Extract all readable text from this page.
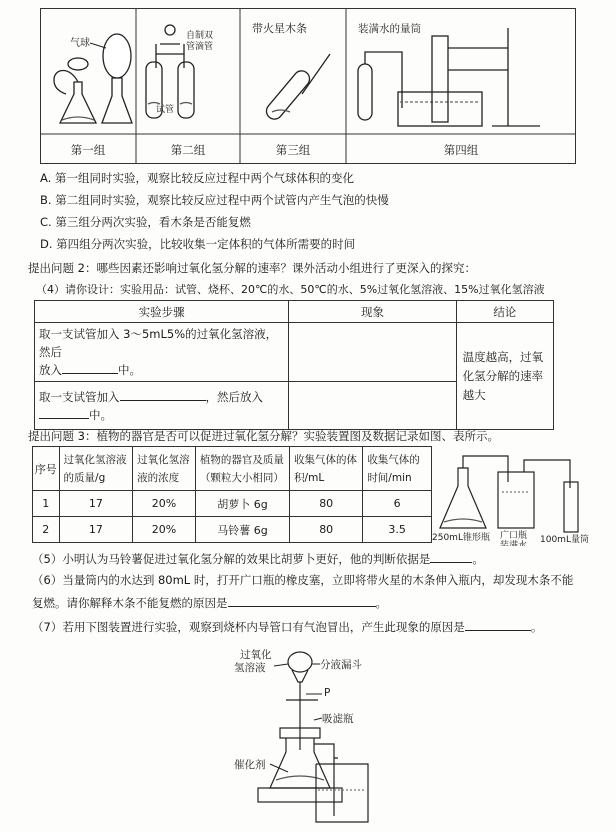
气球
自制双 管滴管
试管
带火星木条	装满水的量筒
第一组	第二组	第三组	第四组
A. 第一组同时实验，观察比较反应过程中两个气球体积的变化
B. 第二组同时实验，观察比较反应过程中两个试管内产生气泡的快慢
C. 第三组分两次实验，看木条是否能复燃
D. 第四组分两次实验，比较收集一定体积的气体所需要的时间
提出问题 2：哪些因素还影响过氧化氢分解的速率？课外活动小组进行了更深入的探究：
（4）请你设计：实验用品：试管、烧杯、20℃的水、50℃的水、5%过氧化氢溶液、15%过氧化氢溶液
实验步骤	现象	结论

取一支试管加入 3～5mL5%的过氧化氢溶液，然后
放入 中。		温度越高，过氧化氢分解的速率越大

取一支试管加入 ，然后放入
中。		

提出问题 3：植物的器官是否可以促进过氧化氢分解？实验装置图及数据记录如图、表所示。
序号	过氧化氢溶液的质量/g	过氧化氢溶液的浓度	植物的器官及质量（颗粒大小相同）	收集气体的体积/mL	收集气体的时间/min
1	17	20%	胡萝卜 6g	80	6
2	17	20%	马铃薯 6g	80	3.5
250mL锥形瓶 广口瓶 装满水
100mL量筒
（5）小明认为马铃薯促进过氧化氢分解的效果比胡萝卜更好，他的判断依据是	。
（6）当量筒内的水达到 80mL 时，打开广口瓶的橡皮塞，立即将带火星的木条伸入瓶内，却发现木条不能
复燃。请你解释木条不能复燃的原因是	。
（7）若用下图装置进行实验，观察到烧杯内导管口有气泡冒出，产生此现象的原因是	。
过氧化 氢溶液	分液漏斗
P
吸滤瓶
催化剂
